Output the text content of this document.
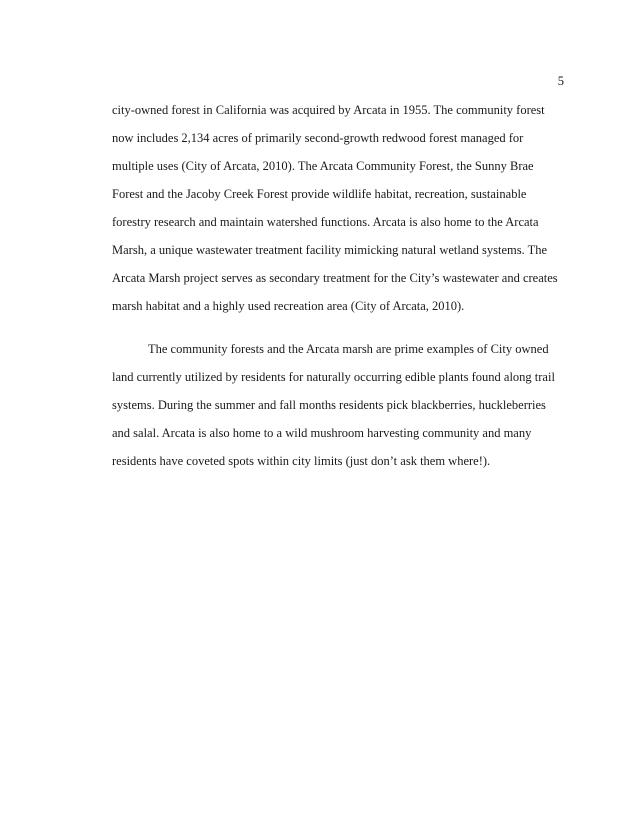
5
city-owned forest in California was acquired by Arcata in 1955. The community forest
now includes 2,134 acres of primarily second-growth redwood forest managed for
multiple uses (City of Arcata, 2010). The Arcata Community Forest, the Sunny Brae
Forest and the Jacoby Creek Forest provide wildlife habitat, recreation, sustainable
forestry research and maintain watershed functions. Arcata is also home to the Arcata
Marsh, a unique wastewater treatment facility mimicking natural wetland systems. The
Arcata Marsh project serves as secondary treatment for the City’s wastewater and creates
marsh habitat and a highly used recreation area (City of Arcata, 2010).
The community forests and the Arcata marsh are prime examples of City owned
land currently utilized by residents for naturally occurring edible plants found along trail
systems. During the summer and fall months residents pick blackberries, huckleberries
and salal. Arcata is also home to a wild mushroom harvesting community and many
residents have coveted spots within city limits (just don’t ask them where!).
